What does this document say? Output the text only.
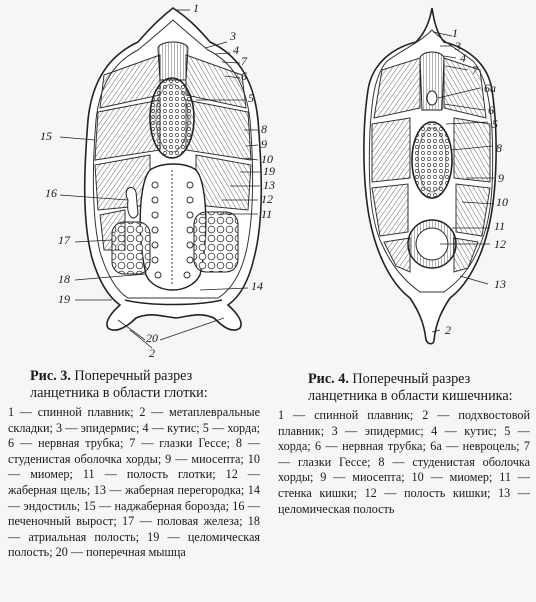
1
3
4
7
6
5
8
9
10
19
13
12
11
14
15
16
17
18
19
20
2
1
3
4
7
6а
6
5
8
9
10
11
12
13
2
Рис. 3. Поперечный разрез ланцетника в области глотки:
1 — спинной плавник; 2 — метаплевральные складки; 3 — эпидермис; 4 — кутис; 5 — хорда; 6 — нервная трубка; 7 — глазки Гессе; 8 — студенистая оболочка хорды; 9 — миосепта; 10 — миомер; 11 — полость глотки; 12 — жаберная щель; 13 — жаберная перегородка; 14 — эндостиль; 15 — наджаберная борозда; 16 — печеночный вырост; 17 — половая железа; 18 — атриальная полость; 19 — целомическая полость; 20 — поперечная мышца
Рис. 4. Поперечный разрез ланцетника в области кишечника:
1 — спинной плавник; 2 — подхвостовой плавник; 3 — эпидермис; 4 — кутис; 5 — хорда; 6 — нервная трубка; 6а — невроцель; 7 — глазки Гессе; 8 — студенистая оболочка хорды; 9 — миосепта; 10 — миомер; 11 — стенка кишки; 12 — полость кишки; 13 — целомическая полость
